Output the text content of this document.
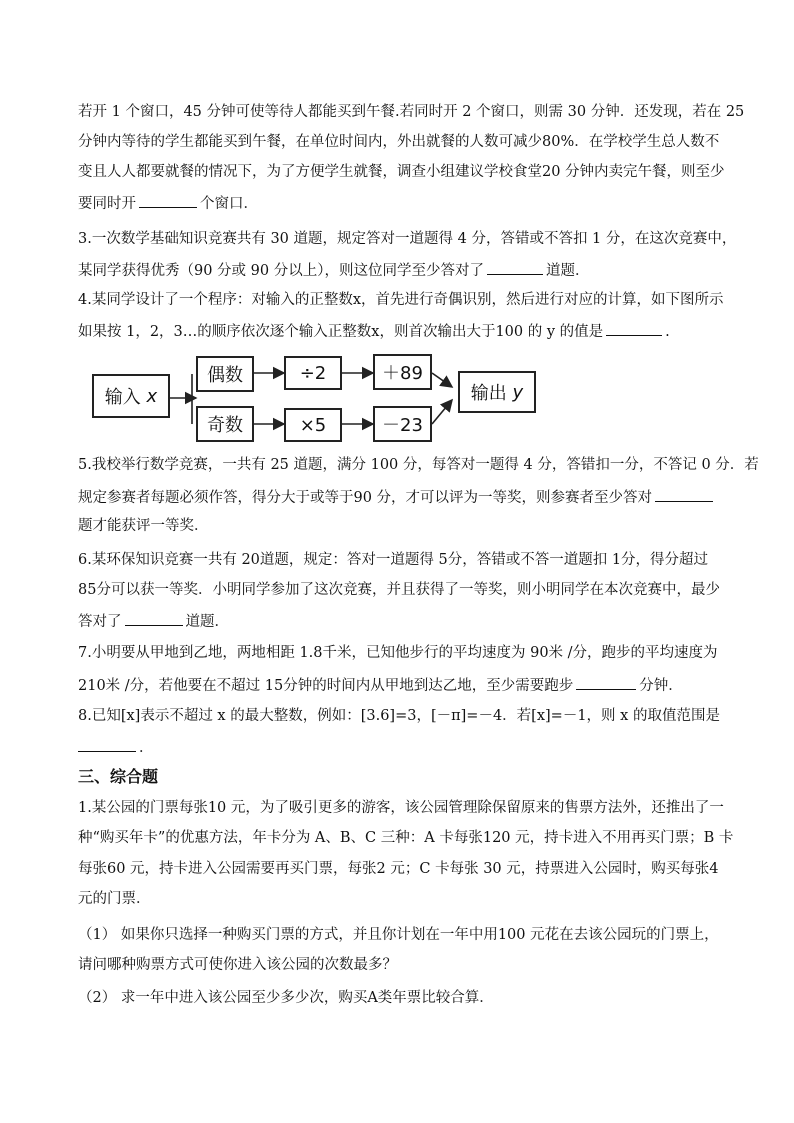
若开 1 个窗口，45 分钟可使等待人都能买到午餐.若同时开 2 个窗口，则需 30 分钟．还发现，若在 25
分钟内等待的学生都能买到午餐，在单位时间内，外出就餐的人数可减少80%．在学校学生总人数不
变且人人都要就餐的情况下，为了方便学生就餐，调查小组建议学校食堂20 分钟内卖完午餐，则至少
要同时开	个窗口．
3.一次数学基础知识竞赛共有 30 道题，规定答对一道题得 4 分，答错或不答扣 1 分，在这次竞赛中，
某同学获得优秀（90 分或 90 分以上），则这位同学至少答对了	道题．
4.某同学设计了一个程序：对输入的正整数x，首先进行奇偶识别，然后进行对应的计算，如下图所示
如果按 1，2，3…的顺序依次逐个输入正整数x，则首次输出大于100 的 y 的值是	.
输入
x
偶数
奇数
÷2
×5
＋89
－23
输出
y
5.我校举行数学竞赛，一共有 25 道题，满分 100 分，每答对一题得 4 分，答错扣一分，不答记 0 分．若
规定参赛者每题必须作答，得分大于或等于90 分，才可以评为一等奖，则参赛者至少答对
题才能获评一等奖．
6.某环保知识竞赛一共有 20道题，规定：答对一道题得 5分，答错或不答一道题扣 1分，得分超过
85分可以获一等奖．小明同学参加了这次竞赛，并且获得了一等奖，则小明同学在本次竞赛中，最少
答对了	道题．
7.小明要从甲地到乙地，两地相距 1.8千米，已知他步行的平均速度为 90米 /分，跑步的平均速度为
210米 /分，若他要在不超过 15分钟的时间内从甲地到达乙地，至少需要跑步	分钟．
8.已知[x]表示不超过 x 的最大整数，例如：[3.6]=3，[－π]=－4．若[x]=－1，则 x 的取值范围是
．
三、综合题
1.某公园的门票每张10 元，为了吸引更多的游客，该公园管理除保留原来的售票方法外，还推出了一
种“购买年卡”的优惠方法，年卡分为 A、B、C 三种：A 卡每张120 元，持卡进入不用再买门票；B 卡
每张60 元，持卡进入公园需要再买门票，每张2 元；C 卡每张 30 元，持票进入公园时，购买每张4
元的门票．
（1） 如果你只选择一种购买门票的方式，并且你计划在一年中用100 元花在去该公园玩的门票上，
请问哪种购票方式可使你进入该公园的次数最多？
（2） 求一年中进入该公园至少多少次，购买A类年票比较合算．
